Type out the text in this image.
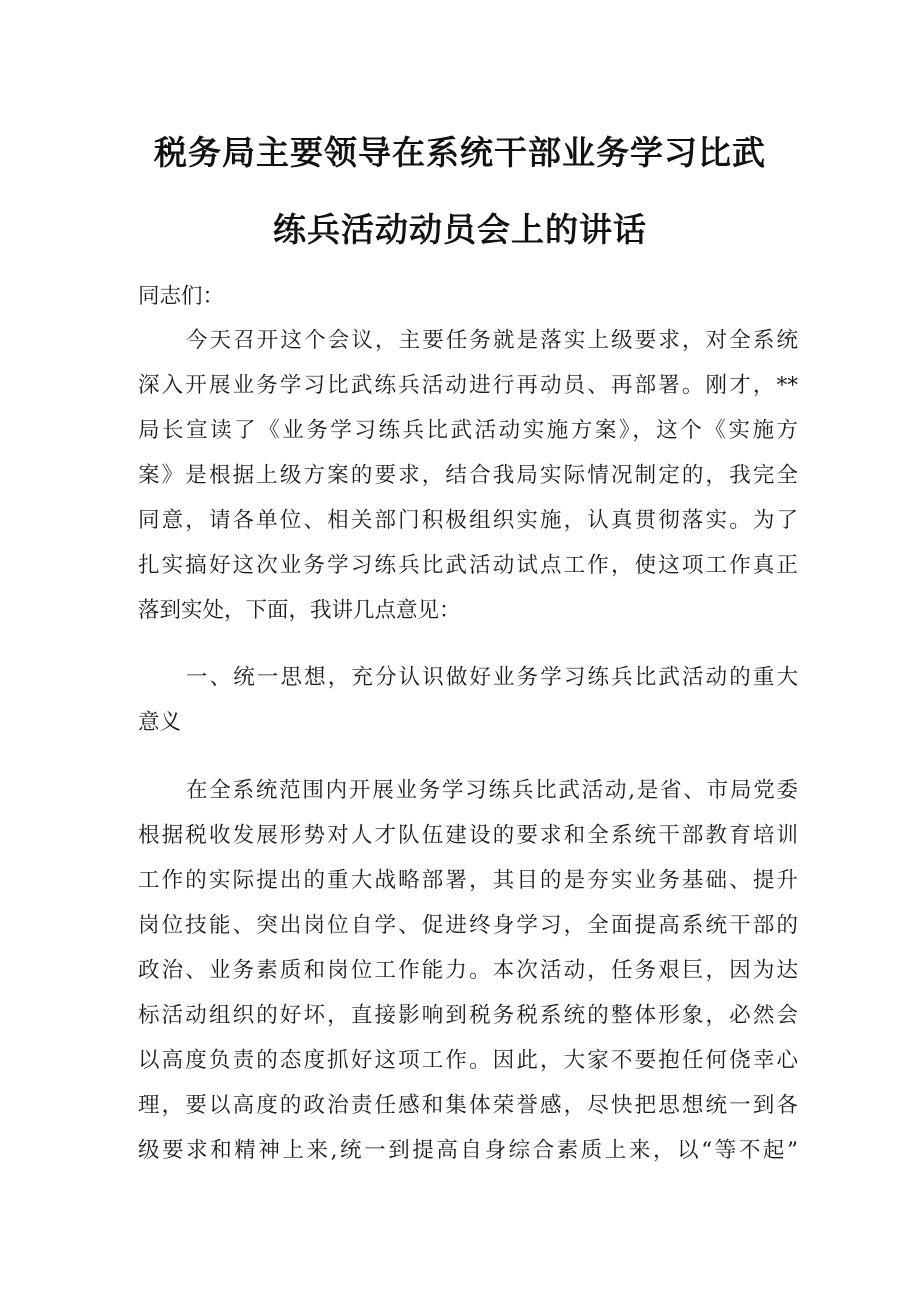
税务局主要领导在系统干部业务学习比武
练兵活动动员会上的讲话
同志们：
今天召开这个会议，主要任务就是落实上级要求，对全系统
深入开展业务学习比武练兵活动进行再动员、再部署。刚才，**
局长宣读了《业务学习练兵比武活动实施方案》，这个《实施方
案》是根据上级方案的要求，结合我局实际情况制定的，我完全
同意，请各单位、相关部门积极组织实施，认真贯彻落实。为了
扎实搞好这次业务学习练兵比武活动试点工作，使这项工作真正
落到实处，下面，我讲几点意见：
一、统一思想，充分认识做好业务学习练兵比武活动的重大
意义
在全系统范围内开展业务学习练兵比武活动,是省、市局党委
根据税收发展形势对人才队伍建设的要求和全系统干部教育培训
工作的实际提出的重大战略部署，其目的是夯实业务基础、提升
岗位技能、突出岗位自学、促进终身学习，全面提高系统干部的
政治、业务素质和岗位工作能力。本次活动，任务艰巨，因为达
标活动组织的好坏，直接影响到税务税系统的整体形象，必然会
以高度负责的态度抓好这项工作。因此，大家不要抱任何侥幸心
理，要以高度的政治责任感和集体荣誉感，尽快把思想统一到各
级要求和精神上来,统一到提高自身综合素质上来，以“等不起”
